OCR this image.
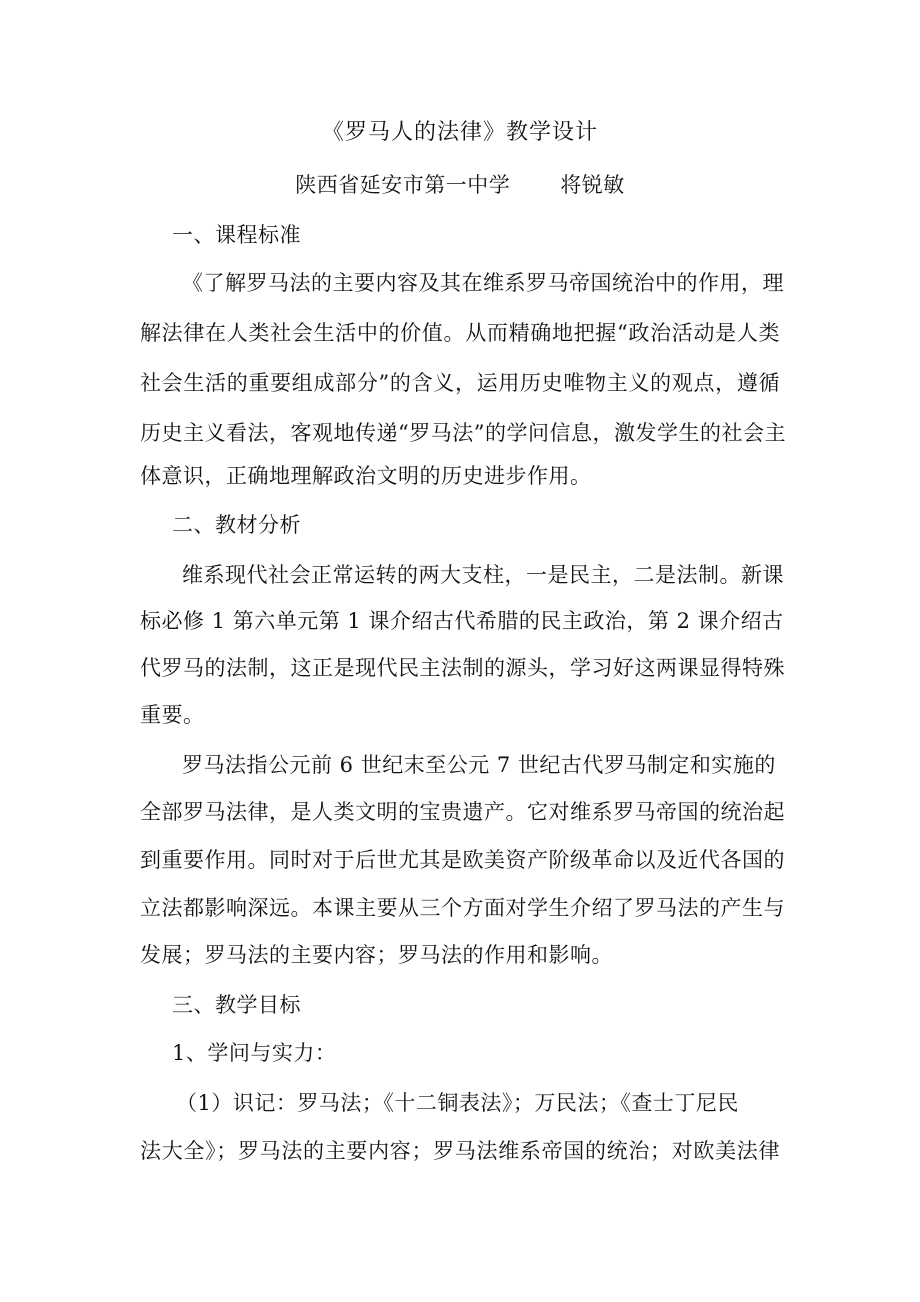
《罗马人的法律》教学设计
陕西省延安市第一中学 将锐敏
一、课程标准
《了解罗马法的主要内容及其在维系罗马帝国统治中的作用，理
解法律在人类社会生活中的价值。从而精确地把握“政治活动是人类
社会生活的重要组成部分”的含义，运用历史唯物主义的观点，遵循
历史主义看法，客观地传递“罗马法”的学问信息，激发学生的社会主
体意识，正确地理解政治文明的历史进步作用。
二、教材分析
维系现代社会正常运转的两大支柱，一是民主，二是法制。新课
标必修 1 第六单元第 1 课介绍古代希腊的民主政治，第 2 课介绍古
代罗马的法制，这正是现代民主法制的源头，学习好这两课显得特殊
重要。
罗马法指公元前 6 世纪末至公元 7 世纪古代罗马制定和实施的
全部罗马法律，是人类文明的宝贵遗产。它对维系罗马帝国的统治起
到重要作用。同时对于后世尤其是欧美资产阶级革命以及近代各国的
立法都影响深远。本课主要从三个方面对学生介绍了罗马法的产生与
发展；罗马法的主要内容；罗马法的作用和影响。
三、教学目标
1、学问与实力：
（1）识记：罗马法；《十二铜表法》；万民法；《查士丁尼民
法大全》；罗马法的主要内容；罗马法维系帝国的统治；对欧美法律
